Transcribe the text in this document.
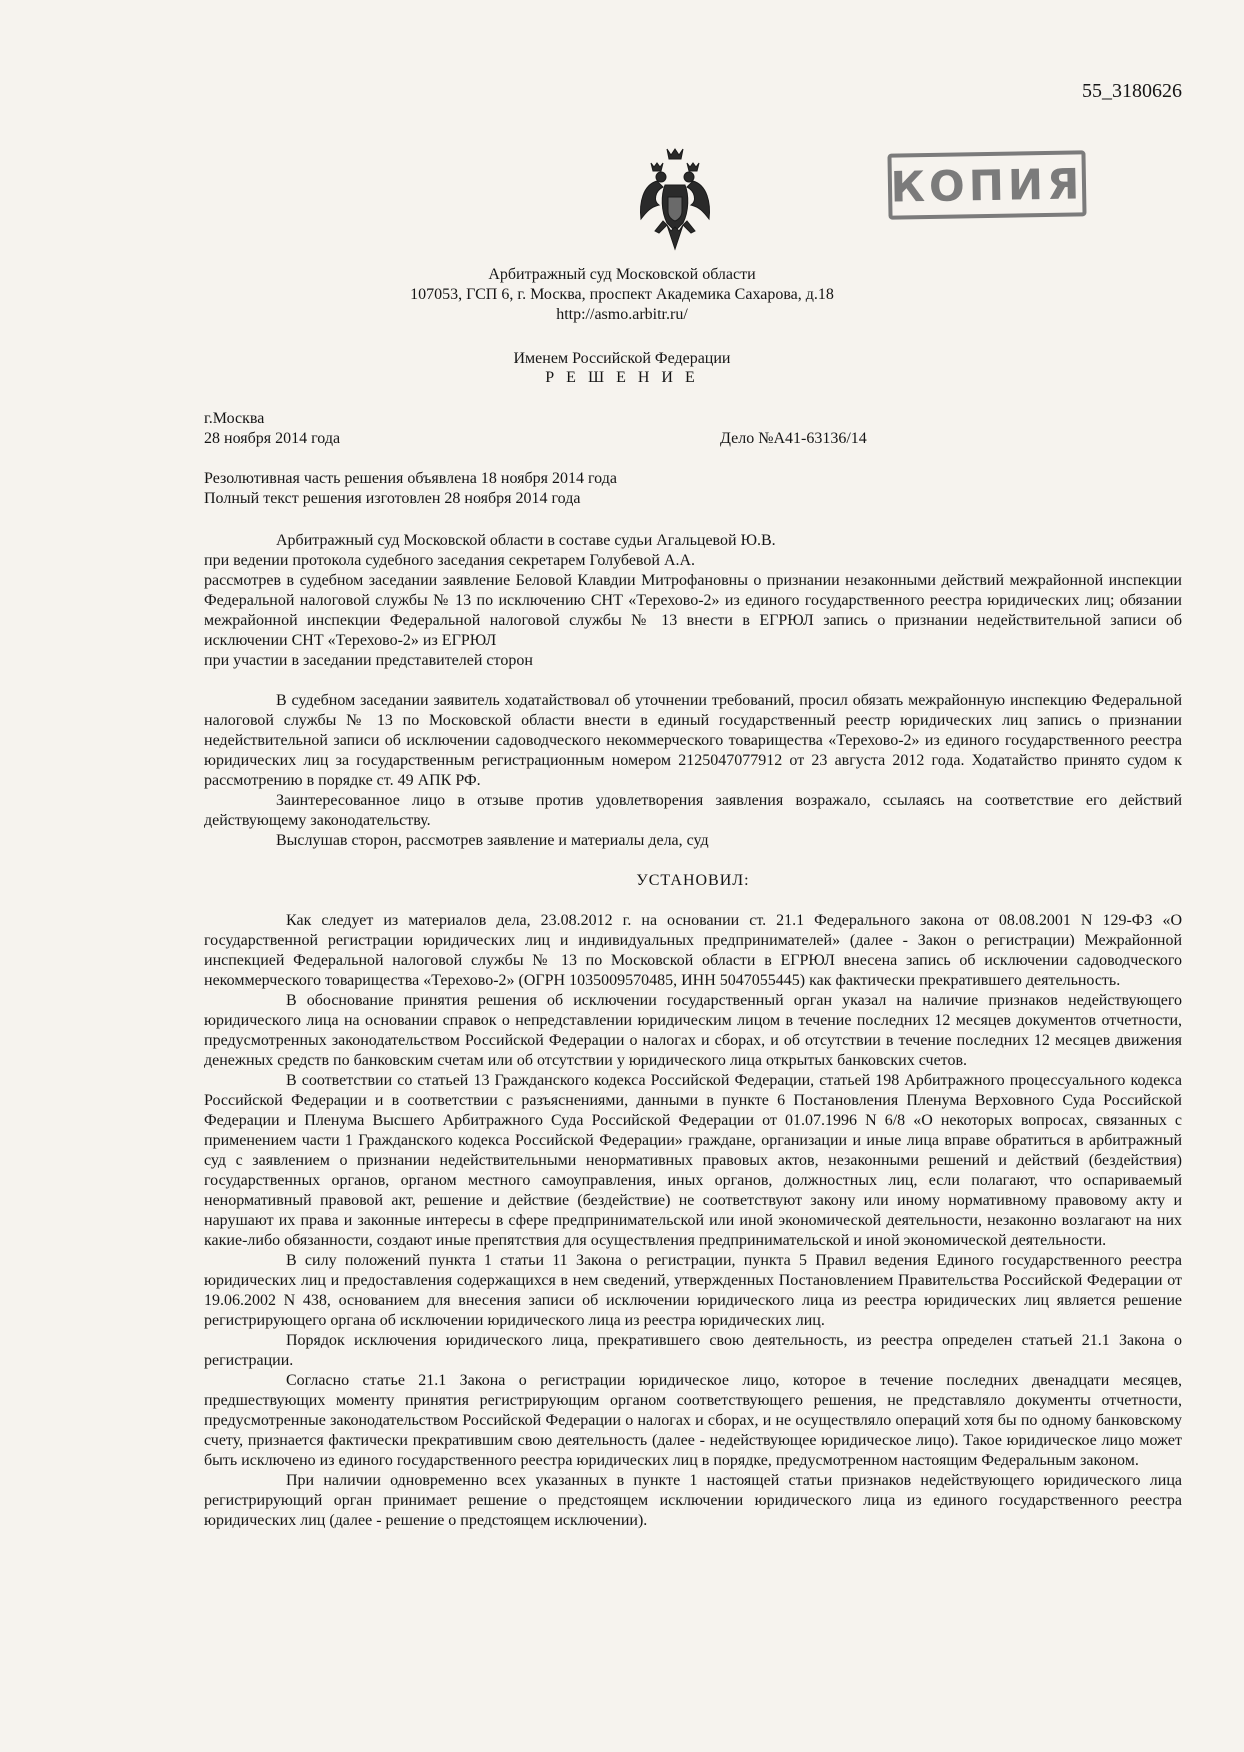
55_3180626
КОПИЯ
Арбитражный суд Московской области
107053, ГСП 6, г. Москва, проспект Академика Сахарова, д.18
http://asmo.arbitr.ru/
Именем Российской Федерации
Р Е Ш Е Н И Е
г.Москва
28 ноября 2014 года	Дело №А41-63136/14
Резолютивная часть решения объявлена 18 ноября 2014 года
Полный текст решения изготовлен 28 ноября 2014 года

Арбитражный суд Московской области в составе судьи Агальцевой Ю.В.

при ведении протокола судебного заседания секретарем Голубевой А.А.

рассмотрев в судебном заседании заявление Беловой Клавдии Митрофановны о признании незаконными действий межрайонной инспекции Федеральной налоговой службы № 13 по исключению СНТ «Терехово-2» из единого государственного реестра юридических лиц; обязании межрайонной инспекции Федеральной налоговой службы № 13 внести в ЕГРЮЛ запись о признании недействительной записи об исключении СНТ «Терехово-2» из ЕГРЮЛ

при участии в заседании представителей сторон

В судебном заседании заявитель ходатайствовал об уточнении требований, просил обязать межрайонную инспекцию Федеральной налоговой службы № 13 по Московской области внести в единый государственный реестр юридических лиц запись о признании недействительной записи об исключении садоводческого некоммерческого товарищества «Терехово-2» из единого государственного реестра юридических лиц за государственным регистрационным номером 2125047077912 от 23 августа 2012 года. Ходатайство принято судом к рассмотрению в порядке ст. 49 АПК РФ.

Заинтересованное лицо в отзыве против удовлетворения заявления возражало, ссылаясь на соответствие его действий действующему законодательству.

Выслушав сторон, рассмотрев заявление и материалы дела, суд

УСТАНОВИЛ:

Как следует из материалов дела, 23.08.2012 г. на основании ст. 21.1 Федерального закона от 08.08.2001 N 129-ФЗ «О государственной регистрации юридических лиц и индивидуальных предпринимателей» (далее - Закон о регистрации) Межрайонной инспекцией Федеральной налоговой службы № 13 по Московской области в ЕГРЮЛ внесена запись об исключении садоводческого некоммерческого товарищества «Терехово-2» (ОГРН 1035009570485, ИНН 5047055445) как фактически прекратившего деятельность.

В обоснование принятия решения об исключении государственный орган указал на наличие признаков недействующего юридического лица на основании справок о непредставлении юридическим лицом в течение последних 12 месяцев документов отчетности, предусмотренных законодательством Российской Федерации о налогах и сборах, и об отсутствии в течение последних 12 месяцев движения денежных средств по банковским счетам или об отсутствии у юридического лица открытых банковских счетов.

В соответствии со статьей 13 Гражданского кодекса Российской Федерации, статьей 198 Арбитражного процессуального кодекса Российской Федерации и в соответствии с разъяснениями, данными в пункте 6 Постановления Пленума Верховного Суда Российской Федерации и Пленума Высшего Арбитражного Суда Российской Федерации от 01.07.1996 N 6/8 «О некоторых вопросах, связанных с применением части 1 Гражданского кодекса Российской Федерации» граждане, организации и иные лица вправе обратиться в арбитражный суд с заявлением о признании недействительными ненормативных правовых актов, незаконными решений и действий (бездействия) государственных органов, органом местного самоуправления, иных органов, должностных лиц, если полагают, что оспариваемый ненормативный правовой акт, решение и действие (бездействие) не соответствуют закону или иному нормативному правовому акту и нарушают их права и законные интересы в сфере предпринимательской или иной экономической деятельности, незаконно возлагают на них какие-либо обязанности, создают иные препятствия для осуществления предпринимательской и иной экономической деятельности.

В силу положений пункта 1 статьи 11 Закона о регистрации, пункта 5 Правил ведения Единого государственного реестра юридических лиц и предоставления содержащихся в нем сведений, утвержденных Постановлением Правительства Российской Федерации от 19.06.2002 N 438, основанием для внесения записи об исключении юридического лица из реестра юридических лиц является решение регистрирующего органа об исключении юридического лица из реестра юридических лиц.

Порядок исключения юридического лица, прекратившего свою деятельность, из реестра определен статьей 21.1 Закона о регистрации.

Согласно статье 21.1 Закона о регистрации юридическое лицо, которое в течение последних двенадцати месяцев, предшествующих моменту принятия регистрирующим органом соответствующего решения, не представляло документы отчетности, предусмотренные законодательством Российской Федерации о налогах и сборах, и не осуществляло операций хотя бы по одному банковскому счету, признается фактически прекратившим свою деятельность (далее - недействующее юридическое лицо). Такое юридическое лицо может быть исключено из единого государственного реестра юридических лиц в порядке, предусмотренном настоящим Федеральным законом.

При наличии одновременно всех указанных в пункте 1 настоящей статьи признаков недействующего юридического лица регистрирующий орган принимает решение о предстоящем исключении юридического лица из единого государственного реестра юридических лиц (далее - решение о предстоящем исключении).
